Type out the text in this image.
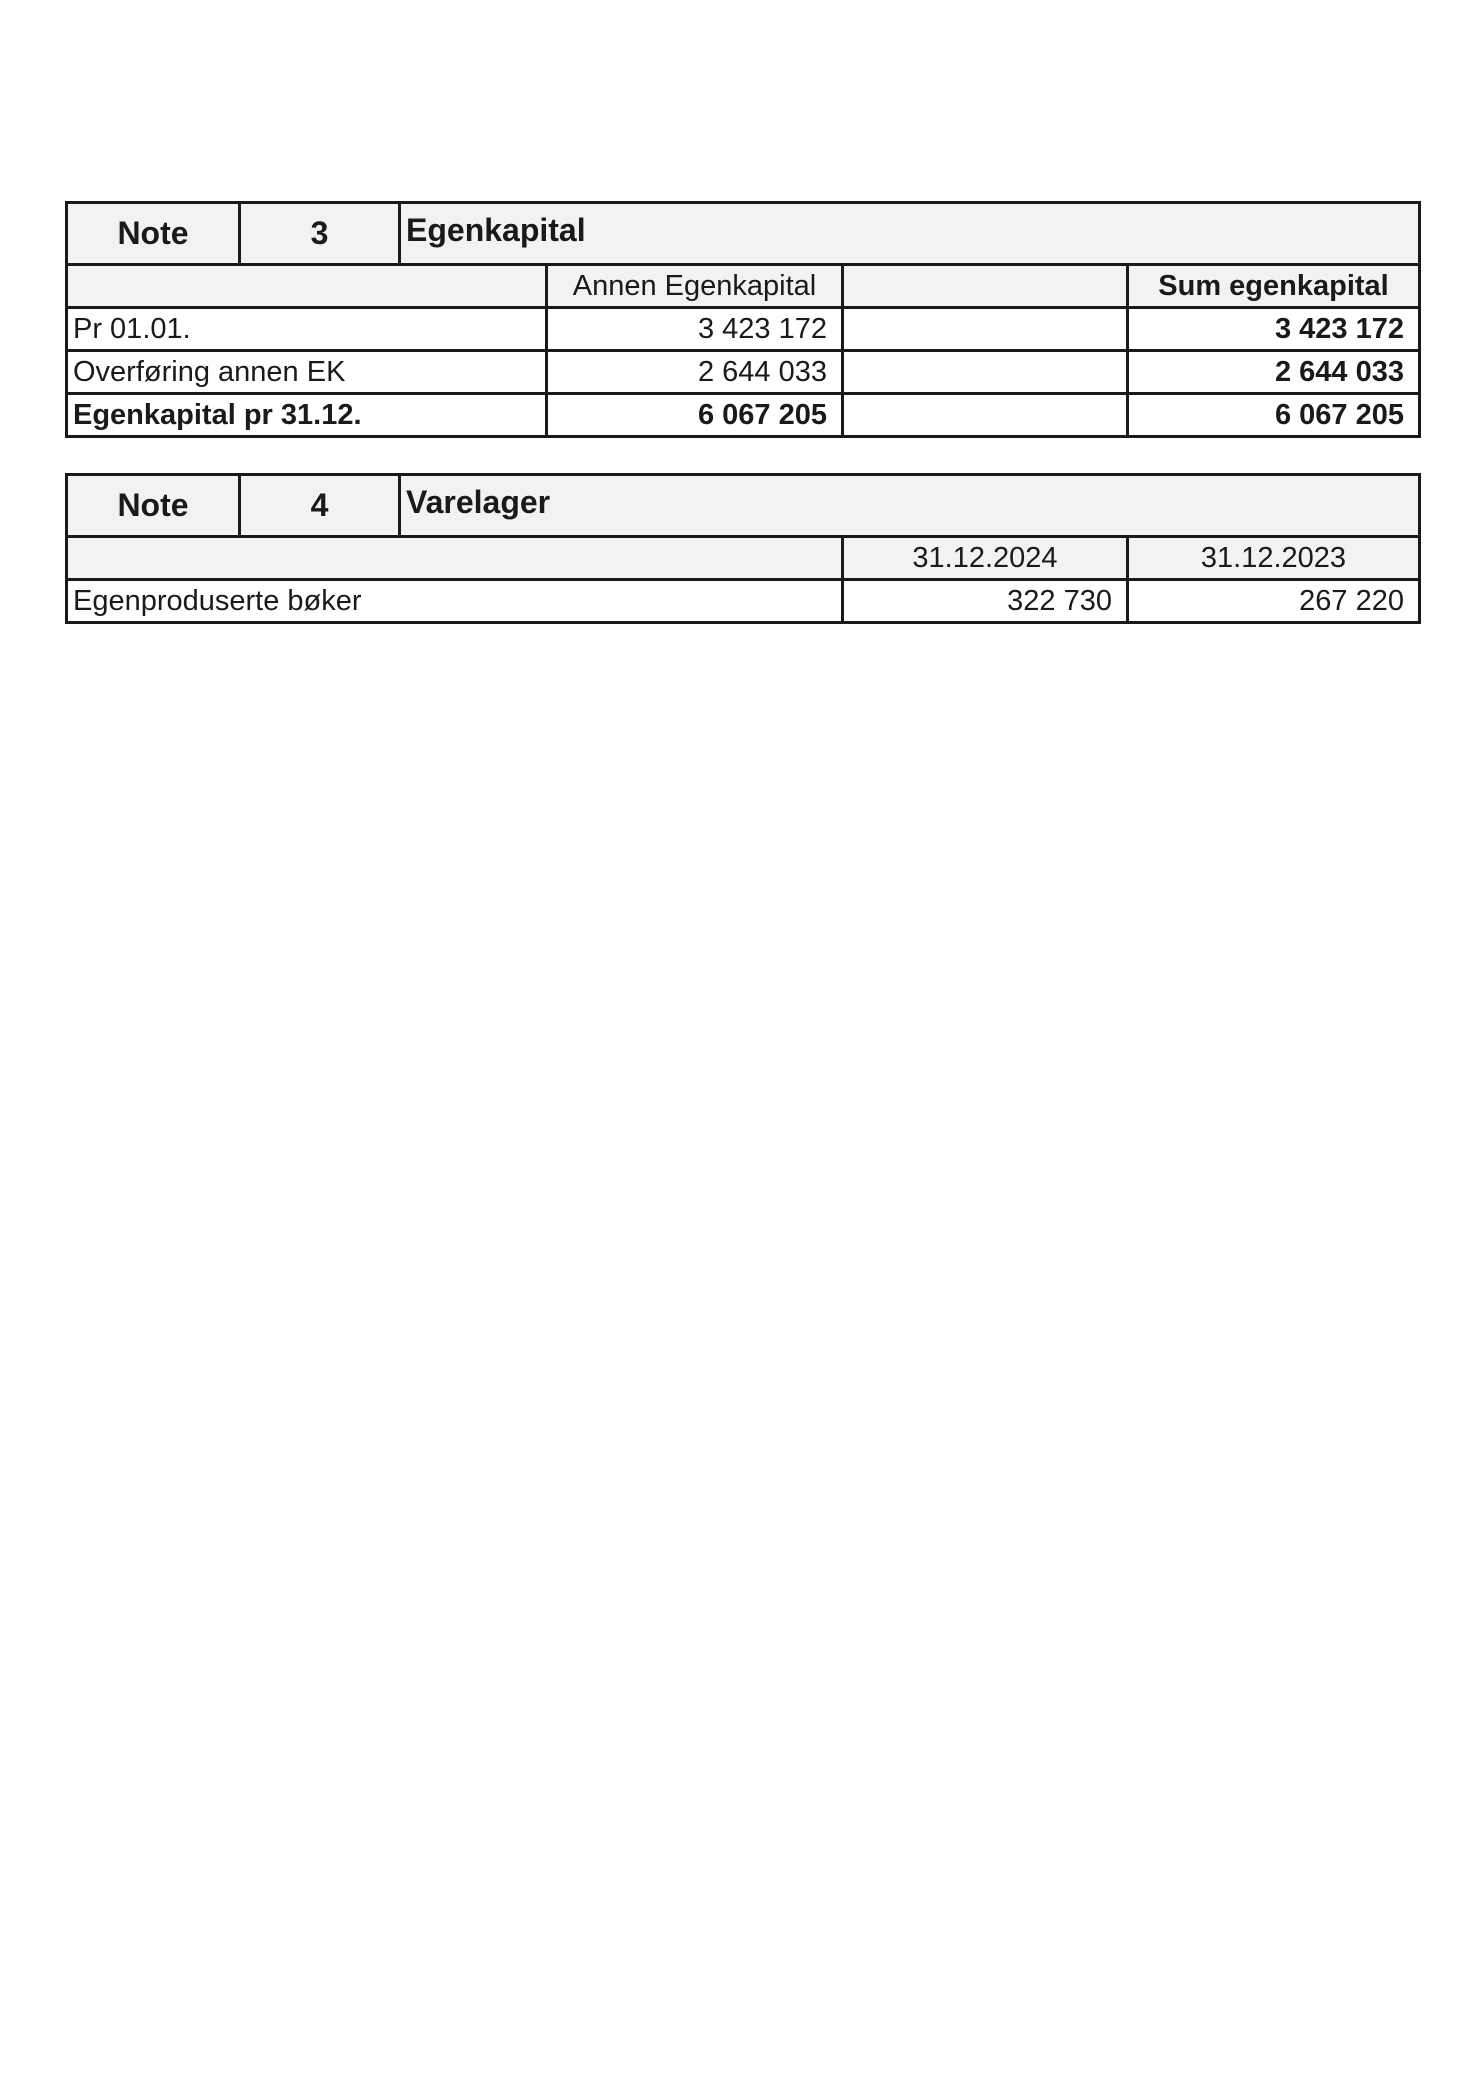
Note	3	Egenkapital
Annen Egenkapital	Sum egenkapital
Pr 01.01.	3 423 172	3 423 172
Overføring annen EK	2 644 033	2 644 033
Egenkapital pr 31.12.	6 067 205	6 067 205
Note	4	Varelager
31.12.2024	31.12.2023
Egenproduserte bøker	322 730	267 220
